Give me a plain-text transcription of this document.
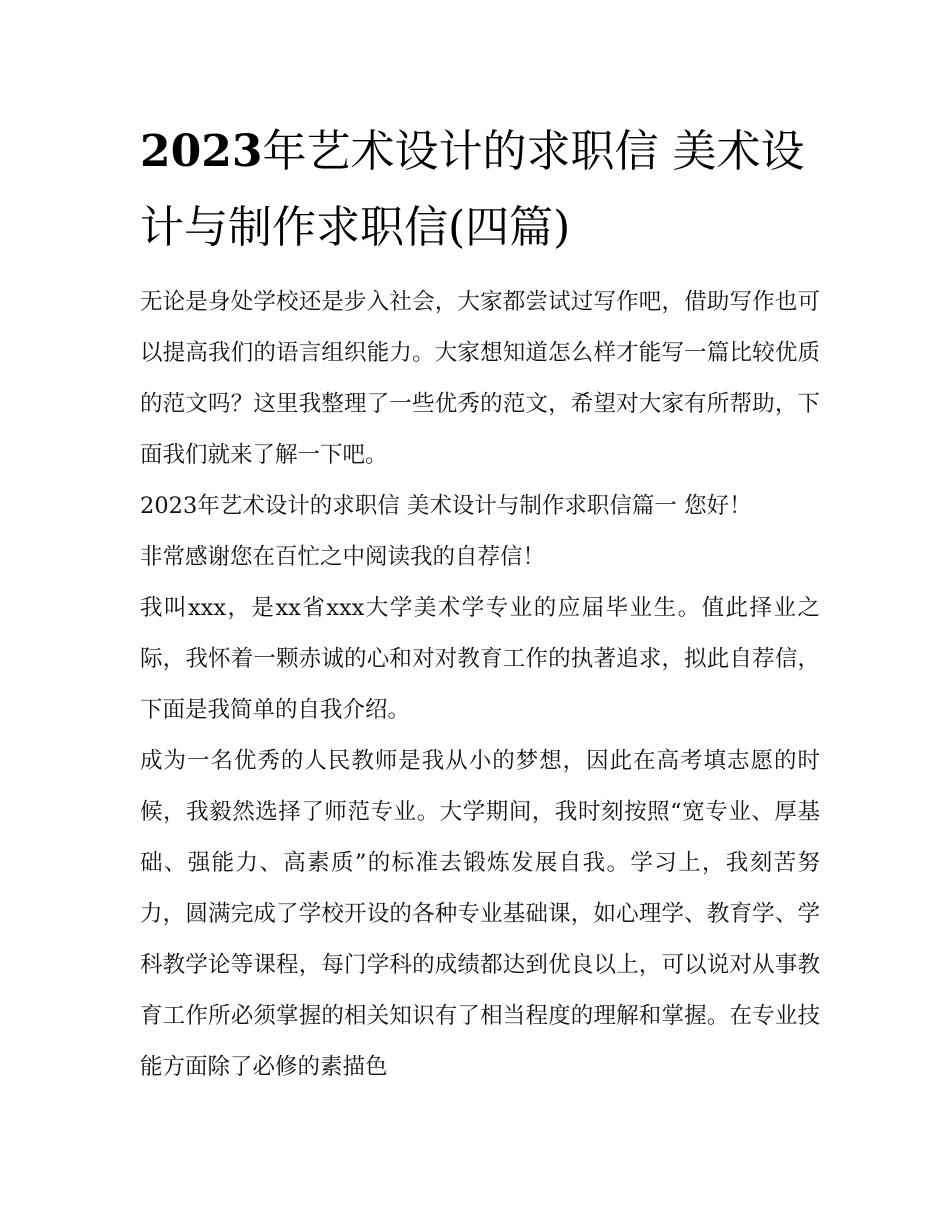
2023年艺术设计的求职信 美术设计与制作求职信(四篇)

无论是身处学校还是步入社会，大家都尝试过写作吧，借助写作也可以提高我们的语言组织能力。大家想知道怎么样才能写一篇比较优质的范文吗？这里我整理了一些优秀的范文，希望对大家有所帮助，下面我们就来了解一下吧。

2023年艺术设计的求职信 美术设计与制作求职信篇一 您好！

非常感谢您在百忙之中阅读我的自荐信！

我叫xxx，是xx省xxx大学美术学专业的应届毕业生。值此择业之际，我怀着一颗赤诚的心和对对教育工作的执著追求，拟此自荐信，下面是我简单的自我介绍。

成为一名优秀的人民教师是我从小的梦想，因此在高考填志愿的时候，我毅然选择了师范专业。大学期间，我时刻按照“宽专业、厚基础、强能力、高素质”的标准去锻炼发展自我。学习上，我刻苦努力，圆满完成了学校开设的各种专业基础课，如心理学、教育学、学科教学论等课程，每门学科的成绩都达到优良以上，可以说对从事教育工作所必须掌握的相关知识有了相当程度的理解和掌握。在专业技能方面除了必修的素描色
